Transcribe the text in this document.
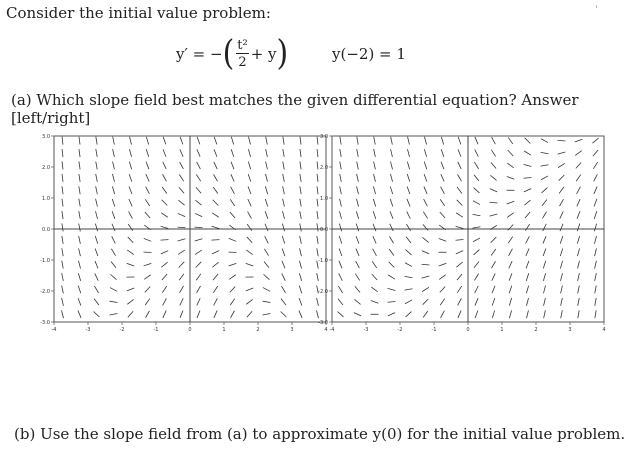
Consider the initial value problem:
y′ = − ( $\frac{\text{t²}}{2} + y$ )	y(−2) = 1
(a) Which slope field best matches the given differential equation? Answer [left/right]
-4	-3	-2	-1	0	1	2	3	4
3.0
2.0
1.0
0.0
-1.0
-2.0
-3.0
-4	-3	-2	-1	0	1	2	3	4
3.0
2.0
1.0
0.0
-1.0
-2.0
-3.0
(b) Use the slope field from (a) to approximate y(0) for the initial value problem.
